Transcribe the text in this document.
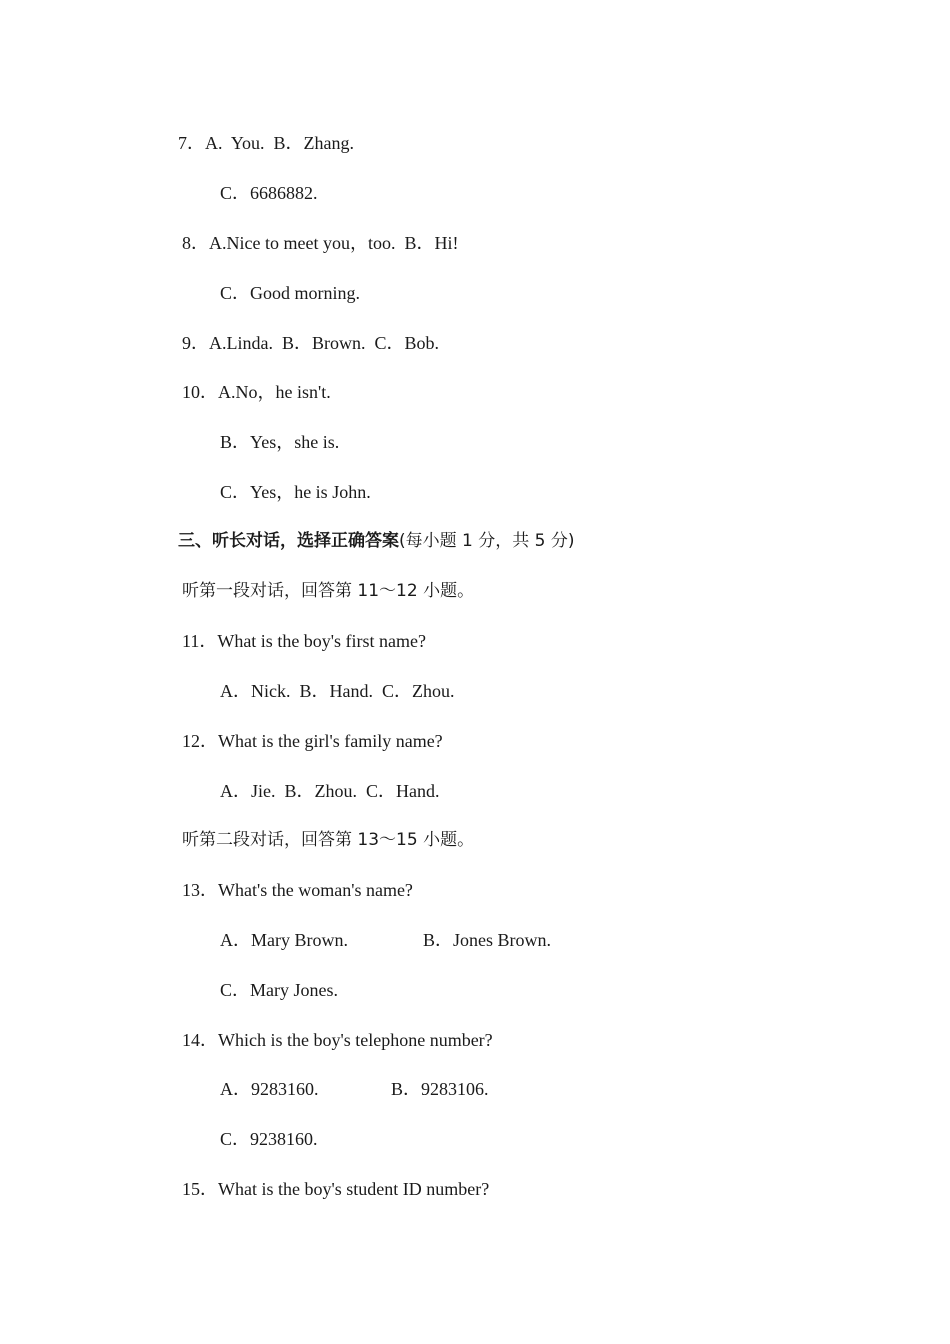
7．A.  You.  B．Zhang.
C．6686882.
8．A.Nice to meet you，too.  B．Hi!
C．Good morning.
9．A.Linda.  B．Brown.  C．Bob.
10．A.No，he isn't.
B．Yes，she is.
C．Yes，he is John.
三、听长对话，选择正确答案(每小题 1 分，共 5 分)
听第一段对话，回答第 11～12 小题。
11．What is the boy's first name?
A．Nick.  B．Hand.  C．Zhou.
12．What is the girl's family name?
A．Jie.  B．Zhou.  C．Hand.
听第二段对话，回答第 13～15 小题。
13．What's the woman's name?
A．Mary Brown.	B．Jones Brown.
C．Mary Jones.
14．Which is the boy's telephone number?
A．9283160.	B．9283106.
C．9238160.
15．What is the boy's student ID number?
